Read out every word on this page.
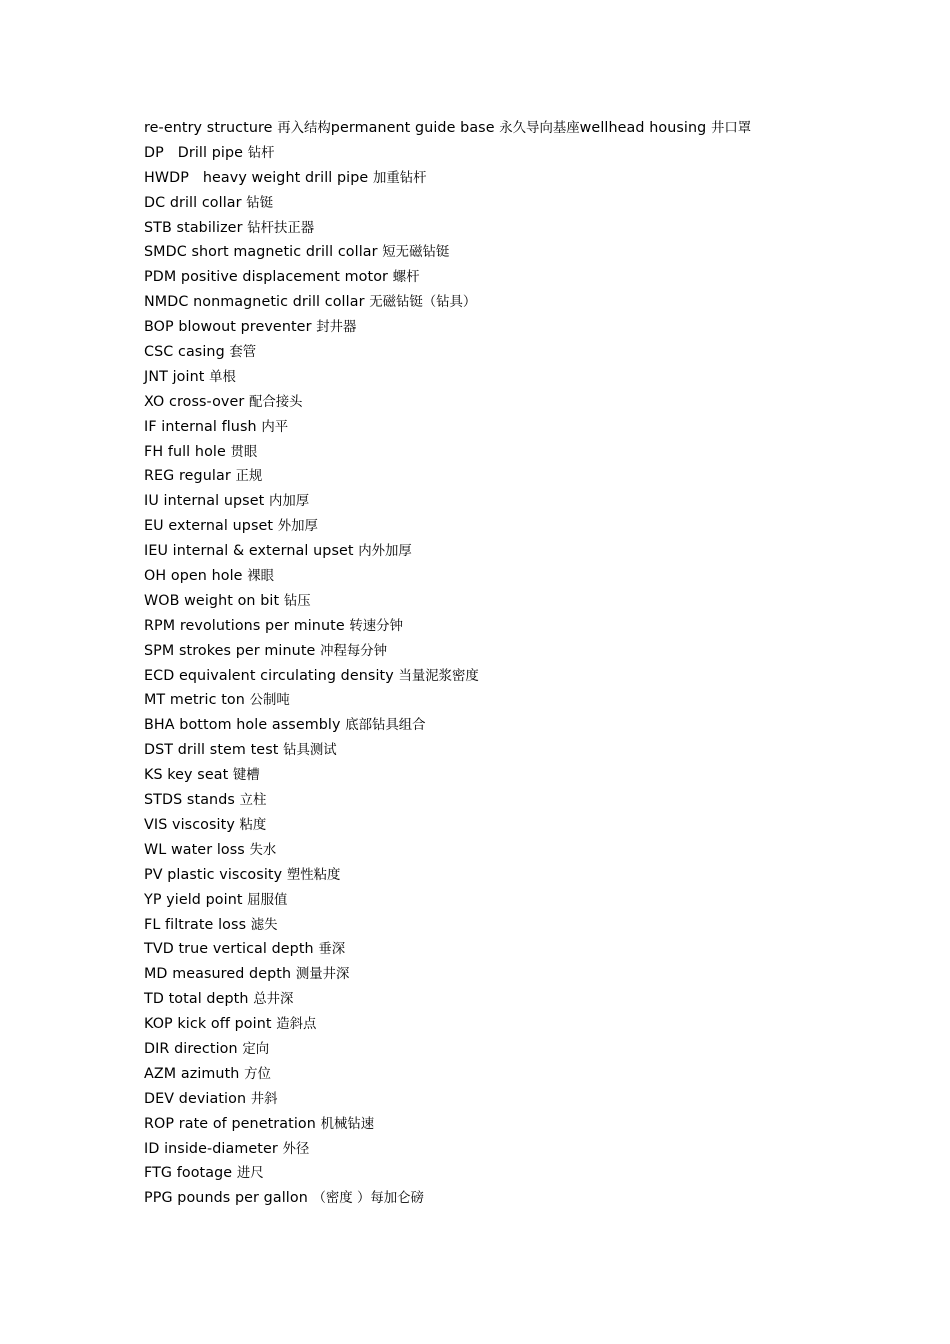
re-entry structure 再入结构permanent guide base 永久导向基座wellhead housing 井口罩
DP   Drill pipe 钻杆
HWDP   heavy weight drill pipe 加重钻杆
DC drill collar 钻铤
STB stabilizer 钻杆扶正器
SMDC short magnetic drill collar 短无磁钻铤
PDM positive displacement motor 螺杆
NMDC nonmagnetic drill collar 无磁钻铤（钻具）
BOP blowout preventer 封井器
CSC casing 套管
JNT joint 单根
XO cross-over 配合接头
IF internal flush 内平
FH full hole 贯眼
REG regular 正规
IU internal upset 内加厚
EU external upset 外加厚
IEU internal & external upset 内外加厚
OH open hole 裸眼
WOB weight on bit 钻压
RPM revolutions per minute 转速分钟
SPM strokes per minute 冲程每分钟
ECD equivalent circulating density 当量泥浆密度
MT metric ton 公制吨
BHA bottom hole assembly 底部钻具组合
DST drill stem test 钻具测试
KS key seat 键槽
STDS stands 立柱
VIS viscosity 粘度
WL water loss 失水
PV plastic viscosity 塑性粘度
YP yield point 屈服值
FL filtrate loss 滤失
TVD true vertical depth 垂深
MD measured depth 测量井深
TD total depth 总井深
KOP kick off point 造斜点
DIR direction 定向
AZM azimuth 方位
DEV deviation 井斜
ROP rate of penetration 机械钻速
ID inside-diameter 外径
FTG footage 进尺
PPG pounds per gallon （密度 ）每加仑磅
